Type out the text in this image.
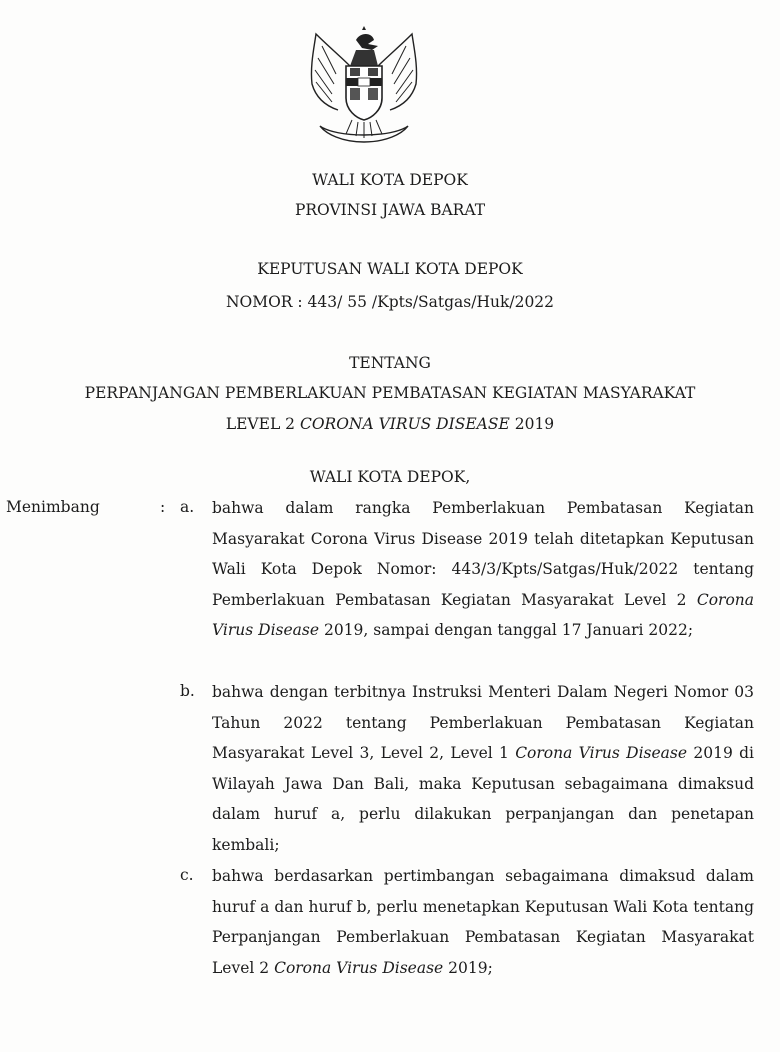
WALI KOTA DEPOK
PROVINSI JAWA BARAT
KEPUTUSAN WALI KOTA DEPOK
NOMOR : 443/ 55 /Kpts/Satgas/Huk/2022
TENTANG
PERPANJANGAN PEMBERLAKUAN PEMBATASAN KEGIATAN MASYARAKAT
LEVEL 2 CORONA VIRUS DISEASE 2019
WALI KOTA DEPOK,
Menimbang	: a. bahwa dalam rangka Pemberlakuan Pembatasan Kegiatan Masyarakat Corona Virus Disease 2019 telah ditetapkan Keputusan Wali Kota Depok Nomor: 443/3/Kpts/Satgas/Huk/2022 tentang Pemberlakuan Pembatasan Kegiatan Masyarakat Level 2 Corona Virus Disease 2019, sampai dengan tanggal 17 Januari 2022;
b. bahwa dengan terbitnya Instruksi Menteri Dalam Negeri Nomor 03 Tahun 2022 tentang Pemberlakuan Pembatasan Kegiatan Masyarakat Level 3, Level 2, Level 1 Corona Virus Disease 2019 di Wilayah Jawa Dan Bali, maka Keputusan sebagaimana dimaksud dalam huruf a, perlu dilakukan perpanjangan dan penetapan kembali;
c. bahwa berdasarkan pertimbangan sebagaimana dimaksud dalam huruf a dan huruf b, perlu menetapkan Keputusan Wali Kota tentang Perpanjangan Pemberlakuan Pembatasan Kegiatan Masyarakat Level 2 Corona Virus Disease 2019;
